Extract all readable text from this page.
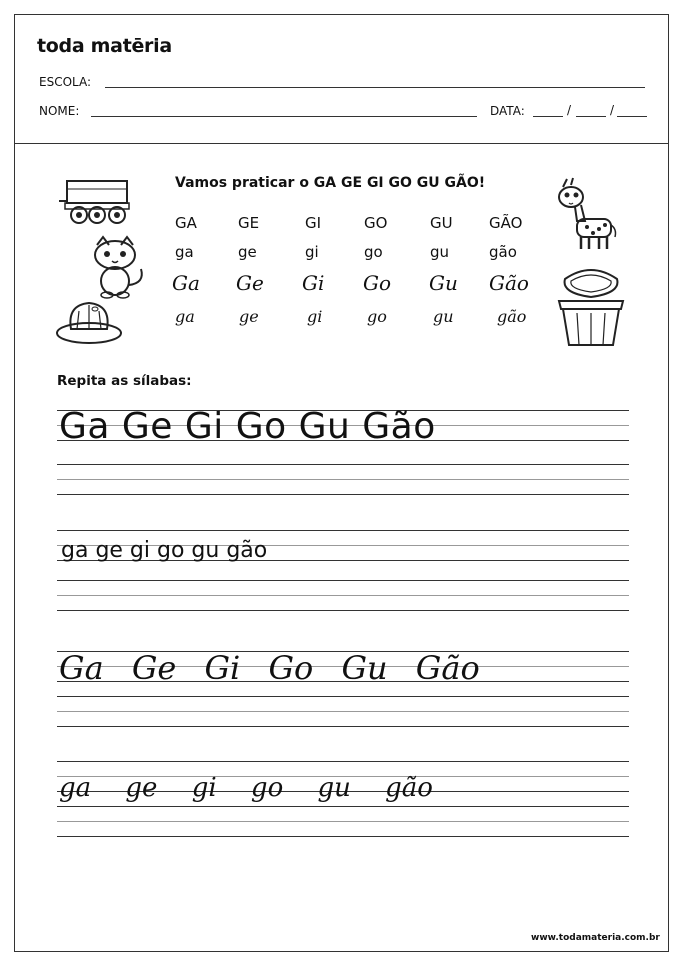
toda matēria
ESCOLA:
NOME:	DATA:	/	/
Vamos praticar o GA GE GI GO GU GÃO!
GA	GE	GI	GO	GU GÃO
ga	ge	gi	go	gu	gão
Ga Ge Gi Go Gu Gão
ga	ge	gi	go	gu	gão
Repita as sílabas:
Ga Ge Gi Go Gu Gão
ga ge gi go gu gão
Ga Ge Gi Go Gu Gão
ga ge gi go gu gão
www.todamateria.com.br
